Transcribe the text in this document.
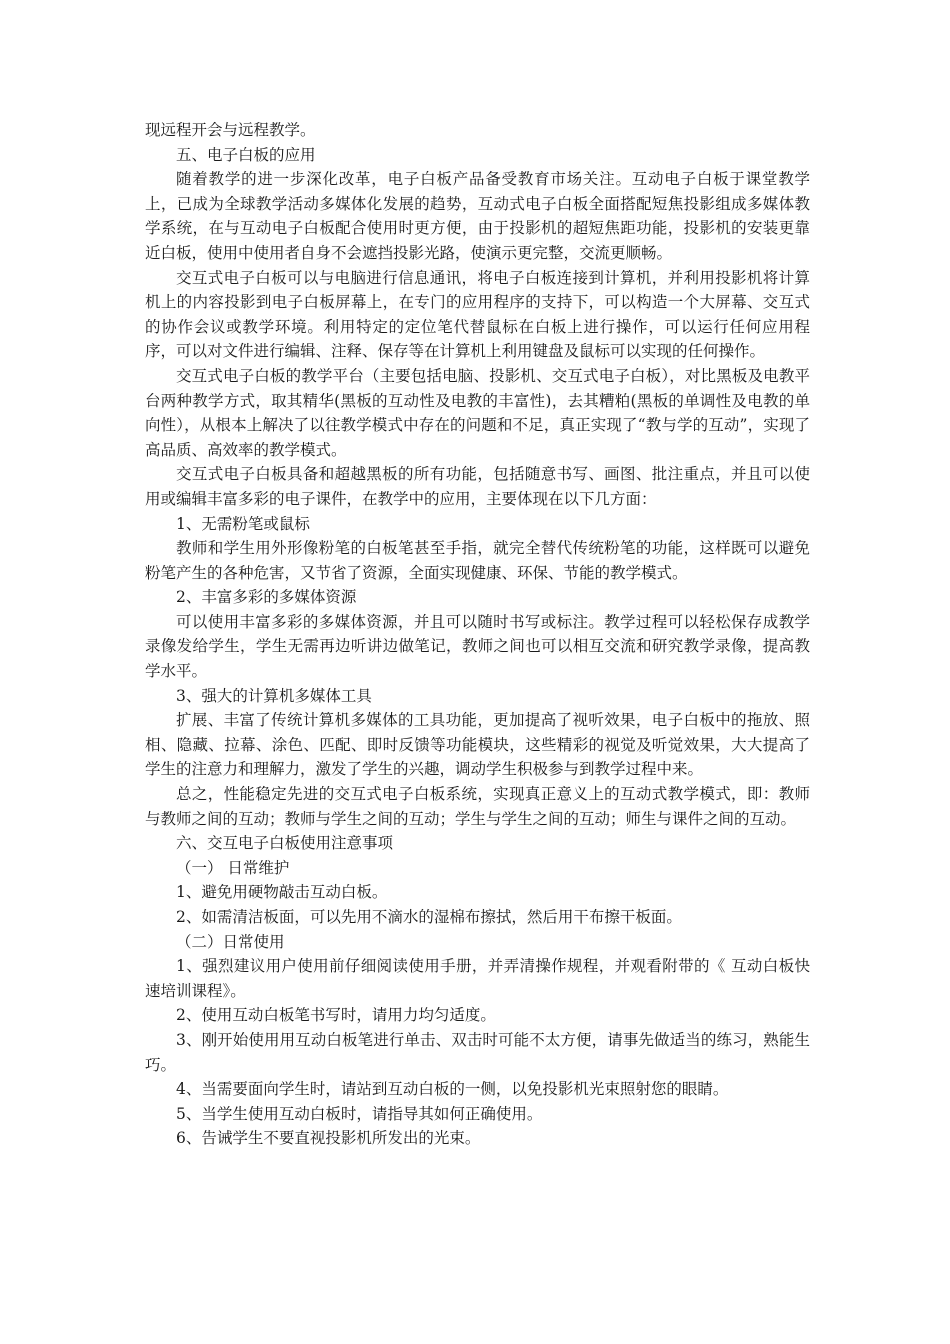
现远程开会与远程教学。

五、电子白板的应用

随着教学的进一步深化改革，电子白板产品备受教育市场关注。互动电子白板于课堂教学上，已成为全球教学活动多媒体化发展的趋势，互动式电子白板全面搭配短焦投影组成多媒体教学系统，在与互动电子白板配合使用时更方便，由于投影机的超短焦距功能，投影机的安装更靠近白板，使用中使用者自身不会遮挡投影光路，使演示更完整，交流更顺畅。

交互式电子白板可以与电脑进行信息通讯，将电子白板连接到计算机，并利用投影机将计算机上的内容投影到电子白板屏幕上，在专门的应用程序的支持下，可以构造一个大屏幕、交互式的协作会议或教学环境。利用特定的定位笔代替鼠标在白板上进行操作，可以运行任何应用程序，可以对文件进行编辑、注释、保存等在计算机上利用键盘及鼠标可以实现的任何操作。

交互式电子白板的教学平台（主要包括电脑、投影机、交互式电子白板），对比黑板及电教平台两种教学方式，取其精华(黑板的互动性及电教的丰富性)，去其糟粕(黑板的单调性及电教的单向性），从根本上解决了以往教学模式中存在的问题和不足，真正实现了“教与学的互动”，实现了高品质、高效率的教学模式。

交互式电子白板具备和超越黑板的所有功能，包括随意书写、画图、批注重点，并且可以使用或编辑丰富多彩的电子课件，在教学中的应用，主要体现在以下几方面：

1、无需粉笔或鼠标

教师和学生用外形像粉笔的白板笔甚至手指，就完全替代传统粉笔的功能，这样既可以避免粉笔产生的各种危害，又节省了资源，全面实现健康、环保、节能的教学模式。

2、丰富多彩的多媒体资源

可以使用丰富多彩的多媒体资源，并且可以随时书写或标注。教学过程可以轻松保存成教学录像发给学生，学生无需再边听讲边做笔记，教师之间也可以相互交流和研究教学录像，提高教学水平。

3、强大的计算机多媒体工具

扩展、丰富了传统计算机多媒体的工具功能，更加提高了视听效果，电子白板中的拖放、照相、隐藏、拉幕、涂色、匹配、即时反馈等功能模块，这些精彩的视觉及听觉效果，大大提高了学生的注意力和理解力，激发了学生的兴趣，调动学生积极参与到教学过程中来。

总之，性能稳定先进的交互式电子白板系统，实现真正意义上的互动式教学模式，即：教师与教师之间的互动；教师与学生之间的互动；学生与学生之间的互动；师生与课件之间的互动。

六、交互电子白板使用注意事项

（一） 日常维护

1、避免用硬物敲击互动白板。

2、如需清洁板面，可以先用不滴水的湿棉布擦拭，然后用干布擦干板面。

（二）日常使用

1、强烈建议用户使用前仔细阅读使用手册，并弄清操作规程，并观看附带的《 互动白板快速培训课程》。

2、使用互动白板笔书写时，请用力均匀适度。

3、刚开始使用用互动白板笔进行单击、双击时可能不太方便，请事先做适当的练习，熟能生巧。

4、当需要面向学生时，请站到互动白板的一侧，以免投影机光束照射您的眼睛。

5、当学生使用互动白板时，请指导其如何正确使用。

6、告诫学生不要直视投影机所发出的光束。
